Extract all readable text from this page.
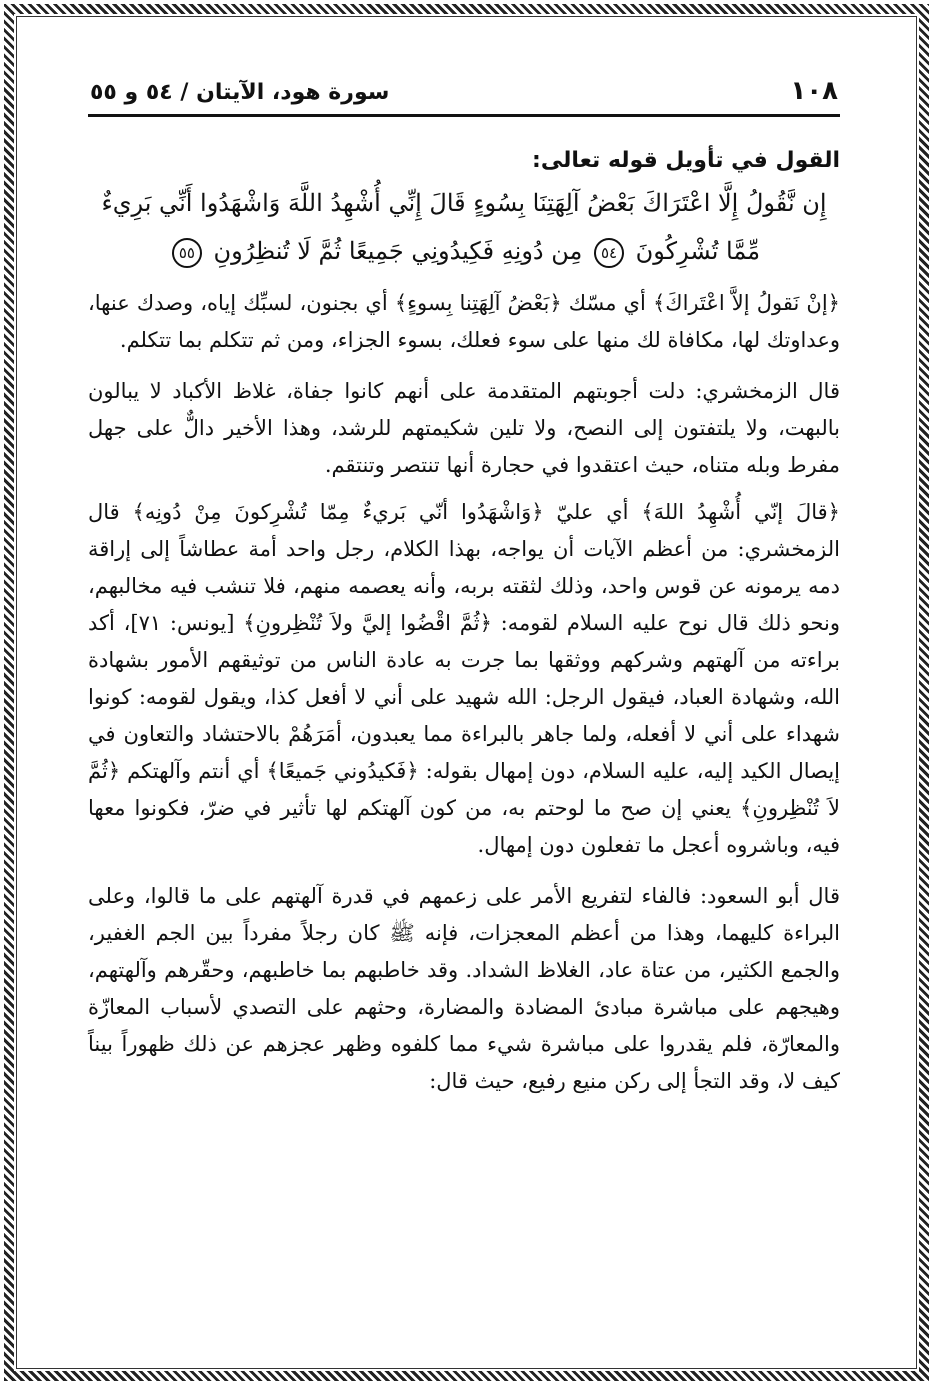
١٠٨
سورة هود، الآيتان / ٥٤ و ٥٥
القول في تأويل قوله تعالى:
إِن نَّقُولُ إِلَّا اعْتَرَاكَ بَعْضُ آلِهَتِنَا بِسُوءٍ قَالَ إِنِّي أُشْهِدُ اللَّهَ وَاشْهَدُوا أَنِّي بَرِيءٌ
مِّمَّا تُشْرِكُونَ ٥٤ مِن دُونِهِ فَكِيدُونِي جَمِيعًا ثُمَّ لَا تُنظِرُونِ ٥٥

﴿إنْ نَقولُ إلاَّ اعْتَراكَ﴾ أي مسّك ﴿بَعْضُ آلِهَتِنا بِسوءٍ﴾ أي بجنون، لسبِّك إياه، وصدك عنها، وعداوتك لها، مكافاة لك منها على سوء فعلك، بسوء الجزاء، ومن ثم تتكلم بما تتكلم.

قال الزمخشري: دلت أجوبتهم المتقدمة على أنهم كانوا جفاة، غلاظ الأكباد لا يبالون بالبهت، ولا يلتفتون إلى النصح، ولا تلين شكيمتهم للرشد، وهذا الأخير دالٌّ على جهل مفرط وبله متناه، حيث اعتقدوا في حجارة أنها تنتصر وتنتقم.

﴿قالَ إنّي أُشْهِدُ اللهَ﴾ أي عليّ ﴿وَاشْهَدُوا أنّي بَريءٌ مِمّا تُشْرِكونَ مِنْ دُونِه﴾ قال الزمخشري: من أعظم الآيات أن يواجه، بهذا الكلام، رجل واحد أمة عطاشاً إلى إراقة دمه يرمونه عن قوس واحد، وذلك لثقته بربه، وأنه يعصمه منهم، فلا تنشب فيه مخالبهم، ونحو ذلك قال نوح عليه السلام لقومه: ﴿ثُمَّ اقْضُوا إليَّ ولاَ تُنْظِرونِ﴾ [يونس: ٧١]، أكد براءته من آلهتهم وشركهم ووثقها بما جرت به عادة الناس من توثيقهم الأمور بشهادة الله، وشهادة العباد، فيقول الرجل: الله شهيد على أني لا أفعل كذا، ويقول لقومه: كونوا شهداء على أني لا أفعله، ولما جاهر بالبراءة مما يعبدون، أمَرَهُمْ بالاحتشاد والتعاون في إيصال الكيد إليه، عليه السلام، دون إمهال بقوله: ﴿فَكيدُوني جَميعًا﴾ أي أنتم وآلهتكم ﴿ثُمَّ لاَ تُنْظِرونِ﴾ يعني إن صح ما لوحتم به، من كون آلهتكم لها تأثير في ضرّ، فكونوا معها فيه، وباشروه أعجل ما تفعلون دون إمهال.

قال أبو السعود: فالفاء لتفريع الأمر على زعمهم في قدرة آلهتهم على ما قالوا، وعلى البراءة كليهما، وهذا من أعظم المعجزات، فإنه ﷺ كان رجلاً مفرداً بين الجم الغفير، والجمع الكثير، من عتاة عاد، الغلاظ الشداد. وقد خاطبهم بما خاطبهم، وحقّرهم وآلهتهم، وهيجهم على مباشرة مبادئ المضادة والمضارة، وحثهم على التصدي لأسباب المعازّة والمعارّة، فلم يقدروا على مباشرة شيء مما كلفوه وظهر عجزهم عن ذلك ظهوراً بيناً كيف لا، وقد التجأ إلى ركن منيع رفيع، حيث قال:
